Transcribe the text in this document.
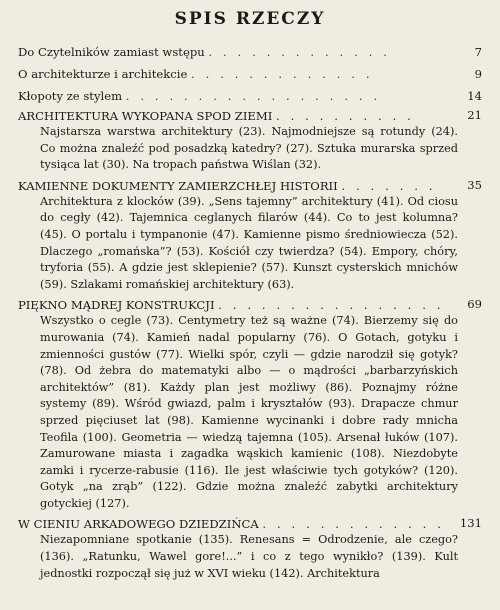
SPIS RZECZY
Do Czytelników zamiast wstępu . . . . . . . . . . . . .	7
O architekturze i architekcie . . . . . . . . . . . . .	9
Kłopoty ze stylem . . . . . . . . . . . . . . . . . .	14
ARCHITEKTURA WYKOPANA SPOD ZIEMI . . . . . . . . . .	21

Najstarsza warstwa architektury (23). Najmodniejsze są rotundy (24). Co można znaleźć pod posadzką katedry? (27). Sztuka murarska sprzed tysiąca lat (30). Na tropach państwa Wiślan (32).

KAMIENNE DOKUMENTY ZAMIERZCHŁEJ HISTORII . . . . . . .	35

Architektura z klocków (39). „Sens tajemny” architektury (41). Od ciosu do cegły (42). Tajemnica ceglanych filarów (44). Co to jest kolumna? (45). O portalu i tympanonie (47). Kamienne pismo średniowiecza (52). Dlaczego „romańska”? (53). Kościół czy twierdza? (54). Empory, chóry, tryforia (55). A gdzie jest sklepienie? (57). Kunszt cysterskich mnichów (59). Szlakami romańskiej architektury (63).

PIĘKNO MĄDREJ KONSTRUKCJI . . . . . . . . . . . . . . . .	69

Wszystko o cegle (73). Centymetry też są ważne (74). Bierzemy się do murowania (74). Kamień nadal popularny (76). O Gotach, gotyku i zmienności gustów (77). Wielki spór, czyli — gdzie narodził się gotyk? (78). Od żebra do matematyki albo — o mądrości „barbarzyńskich architektów” (81). Każdy plan jest możliwy (86). Poznajmy różne systemy (89). Wśród gwiazd, palm i kryształów (93). Drapacze chmur sprzed pięciuset lat (98). Kamienne wycinanki i dobre rady mnicha Teofila (100). Geometria — wiedzą tajemna (105). Arsenał łuków (107). Zamurowane miasta i zagadka wąskich kamienic (108). Niezdobyte zamki i rycerze-rabusie (116). Ile jest właściwie tych gotyków? (120). Gotyk „na zrąb” (122). Gdzie można znaleźć zabytki architektury gotyckiej (127).

W CIENIU ARKADOWEGO DZIEDZIŃCA . . . . . . . . . . . . .	131

Niezapomniane spotkanie (135). Renesans = Odrodzenie, ale czego? (136). „Ratunku, Wawel gore!...” i co z tego wynikło? (139). Kult jednostki rozpoczął się już w XVI wieku (142). Architektura
